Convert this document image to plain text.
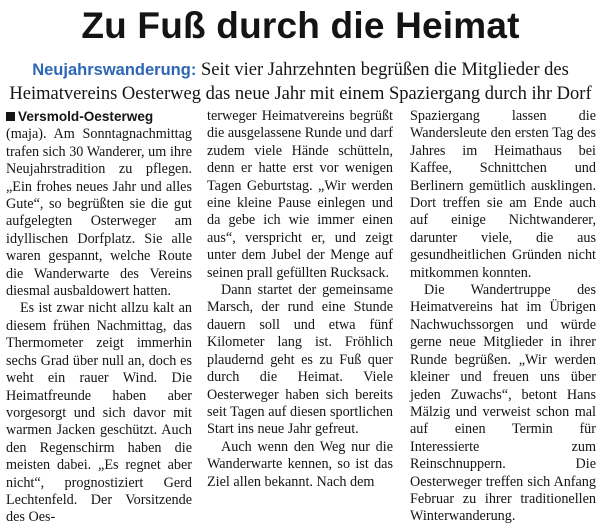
Zu Fuß durch die Heimat
Neujahrswanderung: Seit vier Jahrzehnten begrüßen die Mitglieder des Heimatvereins Oesterweg das neue Jahr mit einem Spaziergang durch ihr Dorf

Versmold-Oesterweg (maja). Am Sonntagnachmittag trafen sich 30 Wanderer, um ihre Neujahrstradition zu pflegen. „Ein frohes neues Jahr und alles Gute“, so begrüßten sie die gut aufgelegten Osterweger am idyllischen Dorfplatz. Sie alle waren gespannt, welche Route die Wanderwarte des Vereins diesmal ausbaldowert hatten.

Es ist zwar nicht allzu kalt an diesem frühen Nachmittag, das Thermometer zeigt immerhin sechs Grad über null an, doch es weht ein rauer Wind. Die Heimatfreunde haben aber vorgesorgt und sich davor mit warmen Jacken geschützt. Auch den Regenschirm haben die meisten dabei. „Es regnet aber nicht“, prognostiziert Gerd Lechtenfeld. Der Vorsitzende des Oes-

terweger Heimatvereins begrüßt die ausgelassene Runde und darf zudem viele Hände schütteln, denn er hatte erst vor wenigen Tagen Geburtstag. „Wir werden eine kleine Pause einlegen und da gebe ich wie immer einen aus“, verspricht er, und zeigt unter dem Jubel der Menge auf seinen prall gefüllten Rucksack.

Dann startet der gemeinsame Marsch, der rund eine Stunde dauern soll und etwa fünf Kilometer lang ist. Fröhlich plaudernd geht es zu Fuß quer durch die Heimat. Viele Oesterweger haben sich bereits seit Tagen auf diesen sportlichen Start ins neue Jahr gefreut.

Auch wenn den Weg nur die Wanderwarte kennen, so ist das Ziel allen bekannt. Nach dem

Spaziergang lassen die Wandersleute den ersten Tag des Jahres im Heimathaus bei Kaffee, Schnittchen und Berlinern gemütlich ausklingen. Dort treffen sie am Ende auch auf einige Nichtwanderer, darunter viele, die aus gesundheitlichen Gründen nicht mitkommen konnten.

Die Wandertruppe des Heimatvereins hat im Übrigen Nachwuchssorgen und würde gerne neue Mitglieder in ihrer Runde begrüßen. „Wir werden kleiner und freuen uns über jeden Zuwachs“, betont Hans Mälzig und verweist schon mal auf einen Termin für Interessierte zum Reinschnuppern. Die Oesterweger treffen sich Anfang Februar zu ihrer traditionellen Winterwanderung.
